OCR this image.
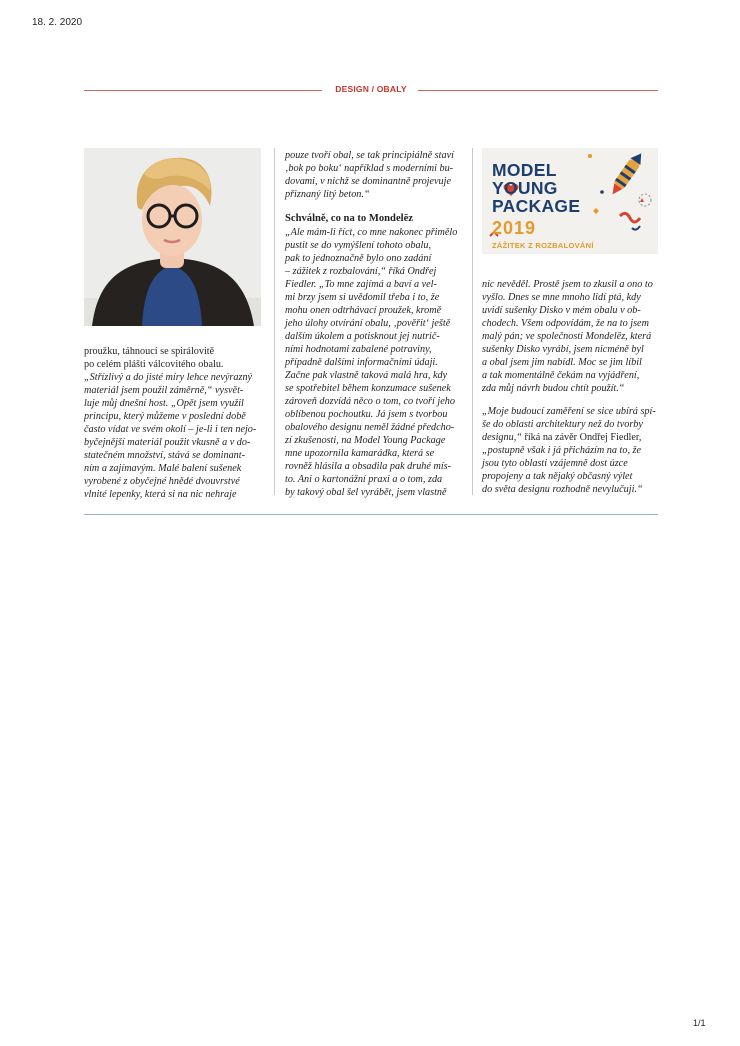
18. 2. 2020
DESIGN / OBALY

proužku, táhnoucí se spirálovitě
po celém plášti válcovitého obalu.

„Střízlivý a do jisté míry lehce nevýrazný
materiál jsem použil záměrně,“ vysvět-
luje můj dnešní host. „Opět jsem využil
principu, který můžeme v poslední době
často vídat ve svém okolí – je-li i ten nejo-
byčejnější materiál použit vkusně a v do-
statečném množství, stává se dominant-
ním a zajímavým. Malé balení sušenek
vyrobené z obyčejné hnědé dvouvrstvé
vlnité lepenky, která si na nic nehraje

pouze tvoří obal, se tak principiálně staví
‚bok po boku‘ například s moderními bu-
dovami, v nichž se dominantně projevuje
přiznaný litý beton.“

Schválně, co na to Mondelēz

„Ale mám-li říct, co mne nakonec přimělo
pustit se do vymýšlení tohoto obalu,
pak to jednoznačně bylo ono zadání
– zážitek z rozbalování,“ říká Ondřej
Fiedler. „To mne zajímá a baví a vel-
mi brzy jsem si uvědomil třeba i to, že
mohu onen odtrhávací proužek, kromě
jeho úlohy otvírání obalu, ‚pověřit‘ ještě
dalším úkolem a potisknout jej nutrič-
ními hodnotami zabalené potraviny,
případně dalšími informačními údaji.
Začne pak vlastně taková malá hra, kdy
se spotřebitel během konzumace sušenek
zároveň dozvídá něco o tom, co tvoří jeho
oblíbenou pochoutku. Já jsem s tvorbou
obalového designu neměl žádné předcho-
zí zkušenosti, na Model Young Package
mne upozornila kamarádka, která se
rovněž hlásila a obsadila pak druhé mís-
to. Ani o kartonážní praxi a o tom, zda
by takový obal šel vyrábět, jsem vlastně

MODEL
YOUNG
PACKAGE
2019
ZÁŽITEK Z ROZBALOVÁNÍ

nic nevěděl. Prostě jsem to zkusil a ono to
vyšlo. Dnes se mne mnoho lidí ptá, kdy
uvidí sušenky Disko v mém obalu v ob-
chodech. Všem odpovídám, že na to jsem
malý pán; ve společnosti Mondelēz, která
sušenky Disko vyrábí, jsem nicméně byl
a obal jsem jim nabídl. Moc se jim líbil
a tak momentálně čekám na vyjádření,
zda můj návrh budou chtít použít.“

„Moje budoucí zaměření se sice ubírá spí-
še do oblasti architektury než do tvorby
designu,“ říká na závěr Ondřej Fiedler,
„postupně však i já přicházím na to, že
jsou tyto oblasti vzájemně dost úzce
propojeny a tak nějaký občasný výlet
do světa designu rozhodně nevylučuji.“

1/1
